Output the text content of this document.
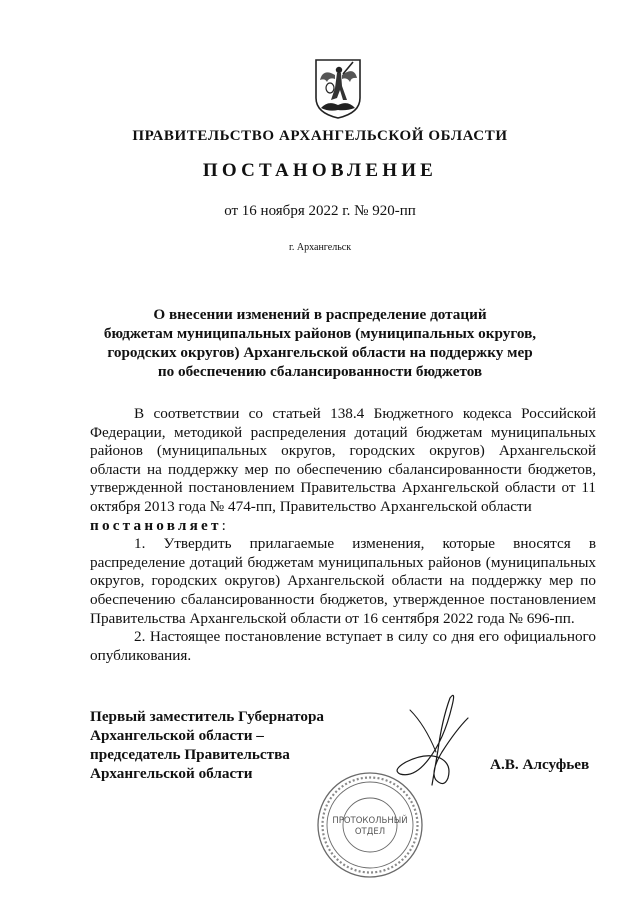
ПРАВИТЕЛЬСТВО АРХАНГЕЛЬСКОЙ ОБЛАСТИ
ПОСТАНОВЛЕНИЕ
от 16 ноября 2022 г. № 920-пп
г. Архангельск
О внесении изменений в распределение дотаций
бюджетам муниципальных районов (муниципальных округов,
городских округов) Архангельской области на поддержку мер
по обеспечению сбалансированности бюджетов

В соответствии со статьей 138.4 Бюджетного кодекса Российской Федерации, методикой распределения дотаций бюджетам муниципальных районов (муниципальных округов, городских округов) Архангельской области на поддержку мер по обеспечению сбалансированности бюджетов, утвержденной постановлением Правительства Архангельской области от 11 октября 2013 года № 474-пп, Правительство Архангельской области

постановляет:

1. Утвердить прилагаемые изменения, которые вносятся в распределение дотаций бюджетам муниципальных районов (муниципальных округов, городских округов) Архангельской области на поддержку мер по обеспечению сбалансированности бюджетов, утвержденное постановлением Правительства Архангельской области от 16 сентября 2022 года № 696-пп.

2. Настоящее постановление вступает в силу со дня его официального опубликования.

Первый заместитель Губернатора
Архангельской области –
председатель Правительства
Архангельской области
А.В. Алсуфьев
ПРОТОКОЛЬНЫЙ
ОТДЕЛ
